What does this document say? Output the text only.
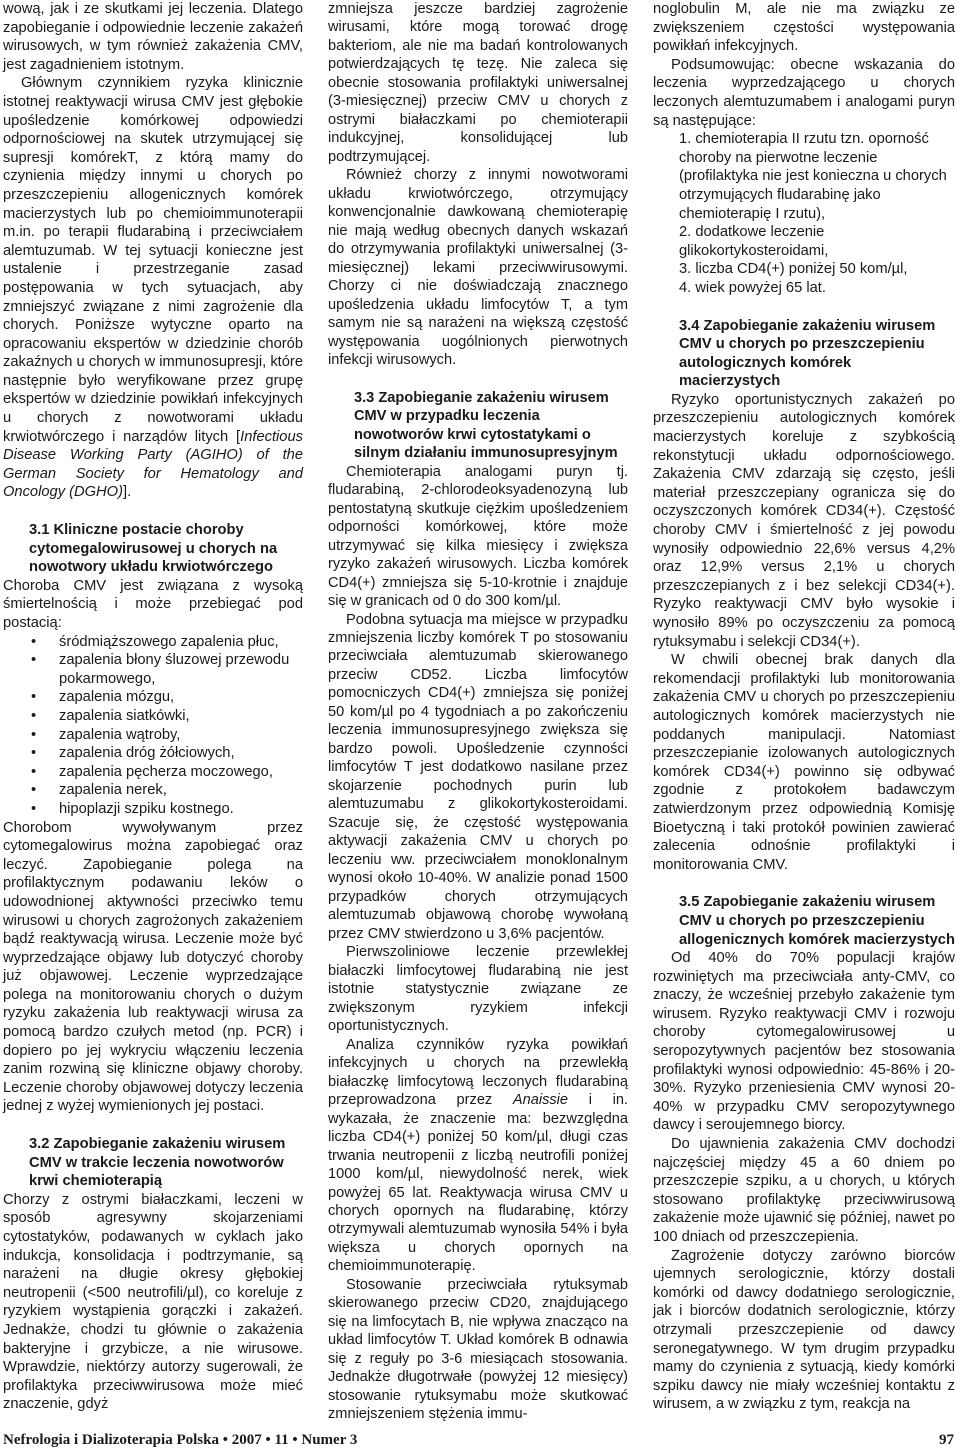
wową, jak i ze skutkami jej leczenia. Dlatego zapobieganie i odpowiednie leczenie zakażeń wirusowych, w tym również zakażenia CMV, jest zagadnieniem istotnym.

Głównym czynnikiem ryzyka klinicznie istotnej reaktywacji wirusa CMV jest głębokie upośledzenie komórkowej odpowiedzi odpornościowej na skutek utrzymującej się supresji komórekT, z którą mamy do czynienia między innymi u chorych po przeszczepieniu allogenicznych komórek macierzystych lub po chemioimmunoterapii m.in. po terapii fludarabiną i przeciwciałem alemtuzumab. W tej sytuacji konieczne jest ustalenie i przestrzeganie zasad postępowania w tych sytuacjach, aby zmniejszyć związane z nimi zagrożenie dla chorych. Poniższe wytyczne oparto na opracowaniu ekspertów w dziedzinie chorób zakaźnych u chorych w immunosupresji, które następnie było weryfikowane przez grupę ekspertów w dziedzinie powikłań infekcyjnych u chorych z nowotworami układu krwiotwórczego i narządów litych [Infectious Disease Working Party (AGIHO) of the German Society for Hematology and Oncology (DGHO)].

3.1 Kliniczne postacie choroby cytomegalowirusowej u chorych na nowotwory układu krwiotwórczego

Choroba CMV jest związana z wysoką śmiertelnością i może przebiegać pod postacią:

• śródmiąższowego zapalenia płuc,
• zapalenia błony śluzowej przewodu pokarmowego,
• zapalenia mózgu,
• zapalenia siatkówki,
• zapalenia wątroby,
• zapalenia dróg żółciowych,
• zapalenia pęcherza moczowego,
• zapalenia nerek,
• hipoplazji szpiku kostnego.

Chorobom wywoływanym przez cytomegalowirus można zapobiegać oraz leczyć. Zapobieganie polega na profilaktycznym podawaniu leków o udowodnionej aktywności przeciwko temu wirusowi u chorych zagrożonych zakażeniem bądź reaktywacją wirusa. Leczenie może być wyprzedzające objawy lub dotyczyć choroby już objawowej. Leczenie wyprzedzające polega na monitorowaniu chorych o dużym ryzyku zakażenia lub reaktywacji wirusa za pomocą bardzo czułych metod (np. PCR) i dopiero po jej wykryciu włączeniu leczenia zanim rozwiną się kliniczne objawy choroby. Leczenie choroby objawowej dotyczy leczenia jednej z wyżej wymienionych jej postaci.

3.2 Zapobieganie zakażeniu wirusem CMV w trakcie leczenia nowotworów krwi chemioterapią

Chorzy z ostrymi białaczkami, leczeni w sposób agresywny skojarzeniami cytostatyków, podawanych w cyklach jako indukcja, konsolidacja i podtrzymanie, są narażeni na długie okresy głębokiej neutropenii (<500 neutrofili/µl), co koreluje z ryzykiem wystąpienia gorączki i zakażeń. Jednakże, chodzi tu głównie o zakażenia bakteryjne i grzybicze, a nie wirusowe. Wprawdzie, niektórzy autorzy sugerowali, że profilaktyka przeciwwirusowa może mieć znaczenie, gdyż

zmniejsza jeszcze bardziej zagrożenie wirusami, które mogą torować drogę bakteriom, ale nie ma badań kontrolowanych potwierdzających tę tezę. Nie zaleca się obecnie stosowania profilaktyki uniwersalnej (3-miesięcznej) przeciw CMV u chorych z ostrymi białaczkami po chemioterapii indukcyjnej, konsolidującej lub podtrzymującej.

Również chorzy z innymi nowotworami układu krwiotwórczego, otrzymujący konwencjonalnie dawkowaną chemioterapię nie mają według obecnych danych wskazań do otrzymywania profilaktyki uniwersalnej (3-miesięcznej) lekami przeciwwirusowymi. Chorzy ci nie doświadczają znacznego upośledzenia układu limfocytów T, a tym samym nie są narażeni na większą częstość występowania uogólnionych pierwotnych infekcji wirusowych.

3.3 Zapobieganie zakażeniu wirusem CMV w przypadku leczenia nowotworów krwi cytostatykami o silnym działaniu immunosupresyjnym

Chemioterapia analogami puryn tj. fludarabiną, 2-chlorodeoksyadenozyną lub pentostatyną skutkuje ciężkim upośledzeniem odporności komórkowej, które może utrzymywać się kilka miesięcy i zwiększa ryzyko zakażeń wirusowych. Liczba komórek CD4(+) zmniejsza się 5-10-krotnie i znajduje się w granicach od 0 do 300 kom/µl.

Podobna sytuacja ma miejsce w przypadku zmniejszenia liczby komórek T po stosowaniu przeciwciała alemtuzumab skierowanego przeciw CD52. Liczba limfocytów pomocniczych CD4(+) zmniejsza się poniżej 50 kom/µl po 4 tygodniach a po zakończeniu leczenia immunosupresyjnego zwiększa się bardzo powoli. Upośledzenie czynności limfocytów T jest dodatkowo nasilane przez skojarzenie pochodnych purin lub alemtuzumabu z glikokortykosteroidami. Szacuje się, że częstość występowania aktywacji zakażenia CMV u chorych po leczeniu ww. przeciwciałem monoklonalnym wynosi około 10-40%. W analizie ponad 1500 przypadków chorych otrzymujących alemtuzumab objawową chorobę wywołaną przez CMV stwierdzono u 3,6% pacjentów.

Pierwszoliniowe leczenie przewlekłej białaczki limfocytowej fludarabiną nie jest istotnie statystycznie związane ze zwiększonym ryzykiem infekcji oportunistycznych.

Analiza czynników ryzyka powikłań infekcyjnych u chorych na przewlekłą białaczkę limfocytową leczonych fludarabiną przeprowadzona przez Anaissie i in. wykazała, że znaczenie ma: bezwzględna liczba CD4(+) poniżej 50 kom/µl, długi czas trwania neutropenii z liczbą neutrofili poniżej 1000 kom/µl, niewydolność nerek, wiek powyżej 65 lat. Reaktywacja wirusa CMV u chorych opornych na fludarabinę, którzy otrzymywali alemtuzumab wynosiła 54% i była większa u chorych opornych na chemioimmunoterapię.

Stosowanie przeciwciała rytuksymab skierowanego przeciw CD20, znajdującego się na limfocytach B, nie wpływa znacząco na układ limfocytów T. Układ komórek B odnawia się z reguły po 3-6 miesiącach stosowania. Jednakże długotrwałe (powyżej 12 miesięcy) stosowanie rytuksymabu może skutkować zmniejszeniem stężenia immu-

noglobulin M, ale nie ma związku ze zwiększeniem częstości występowania powikłań infekcyjnych.

Podsumowując: obecne wskazania do leczenia wyprzedzającego u chorych leczonych alemtuzumabem i analogami puryn są następujące:

1. chemioterapia II rzutu tzn. oporność choroby na pierwotne leczenie (profilaktyka nie jest konieczna u chorych otrzymujących fludarabinę jako chemioterapię I rzutu),
2. dodatkowe leczenie glikokortykosteroidami,
3. liczba CD4(+) poniżej 50 kom/µl,
4. wiek powyżej 65 lat.
3.4 Zapobieganie zakażeniu wirusem CMV u chorych po przeszczepieniu autologicznych komórek macierzystych

Ryzyko oportunistycznych zakażeń po przeszczepieniu autologicznych komórek macierzystych koreluje z szybkością rekonstytucji układu odpornościowego. Zakażenia CMV zdarzają się często, jeśli materiał przeszczepiany ogranicza się do oczyszczonych komórek CD34(+). Częstość choroby CMV i śmiertelność z jej powodu wynosiły odpowiednio 22,6% versus 4,2% oraz 12,9% versus 2,1% u chorych przeszczepianych z i bez selekcji CD34(+). Ryzyko reaktywacji CMV było wysokie i wynosiło 89% po oczyszczeniu za pomocą rytuksymabu i selekcji CD34(+).

W chwili obecnej brak danych dla rekomendacji profilaktyki lub monitorowania zakażenia CMV u chorych po przeszczepieniu autologicznych komórek macierzystych nie poddanych manipulacji. Natomiast przeszczepianie izolowanych autologicznych komórek CD34(+) powinno się odbywać zgodnie z protokołem badawczym zatwierdzonym przez odpowiednią Komisję Bioetyczną i taki protokół powinien zawierać zalecenia odnośnie profilaktyki i monitorowania CMV.

3.5 Zapobieganie zakażeniu wirusem CMV u chorych po przeszczepieniu allogenicznych komórek macierzystych

Od 40% do 70% populacji krajów rozwiniętych ma przeciwciała anty-CMV, co znaczy, że wcześniej przebyło zakażenie tym wirusem. Ryzyko reaktywacji CMV i rozwoju choroby cytomegalowirusowej u seropozytywnych pacjentów bez stosowania profilaktyki wynosi odpowiednio: 45-86% i 20-30%. Ryzyko przeniesienia CMV wynosi 20-40% w przypadku CMV seropozytywnego dawcy i seroujemnego biorcy.

Do ujawnienia zakażenia CMV dochodzi najczęściej między 45 a 60 dniem po przeszczepie szpiku, a u chorych, u których stosowano profilaktykę przeciwwirusową zakażenie może ujawnić się później, nawet po 100 dniach od przeszczepienia.

Zagrożenie dotyczy zarówno biorców ujemnych serologicznie, którzy dostali komórki od dawcy dodatniego serologicznie, jak i biorców dodatnich serologicznie, którzy otrzymali przeszczepienie od dawcy seronegatywnego. W tym drugim przypadku mamy do czynienia z sytuacją, kiedy komórki szpiku dawcy nie miały wcześniej kontaktu z wirusem, a w związku z tym, reakcja na

Nefrologia i Dializoterapia Polska • 2007 • 11 • Numer 3	97
